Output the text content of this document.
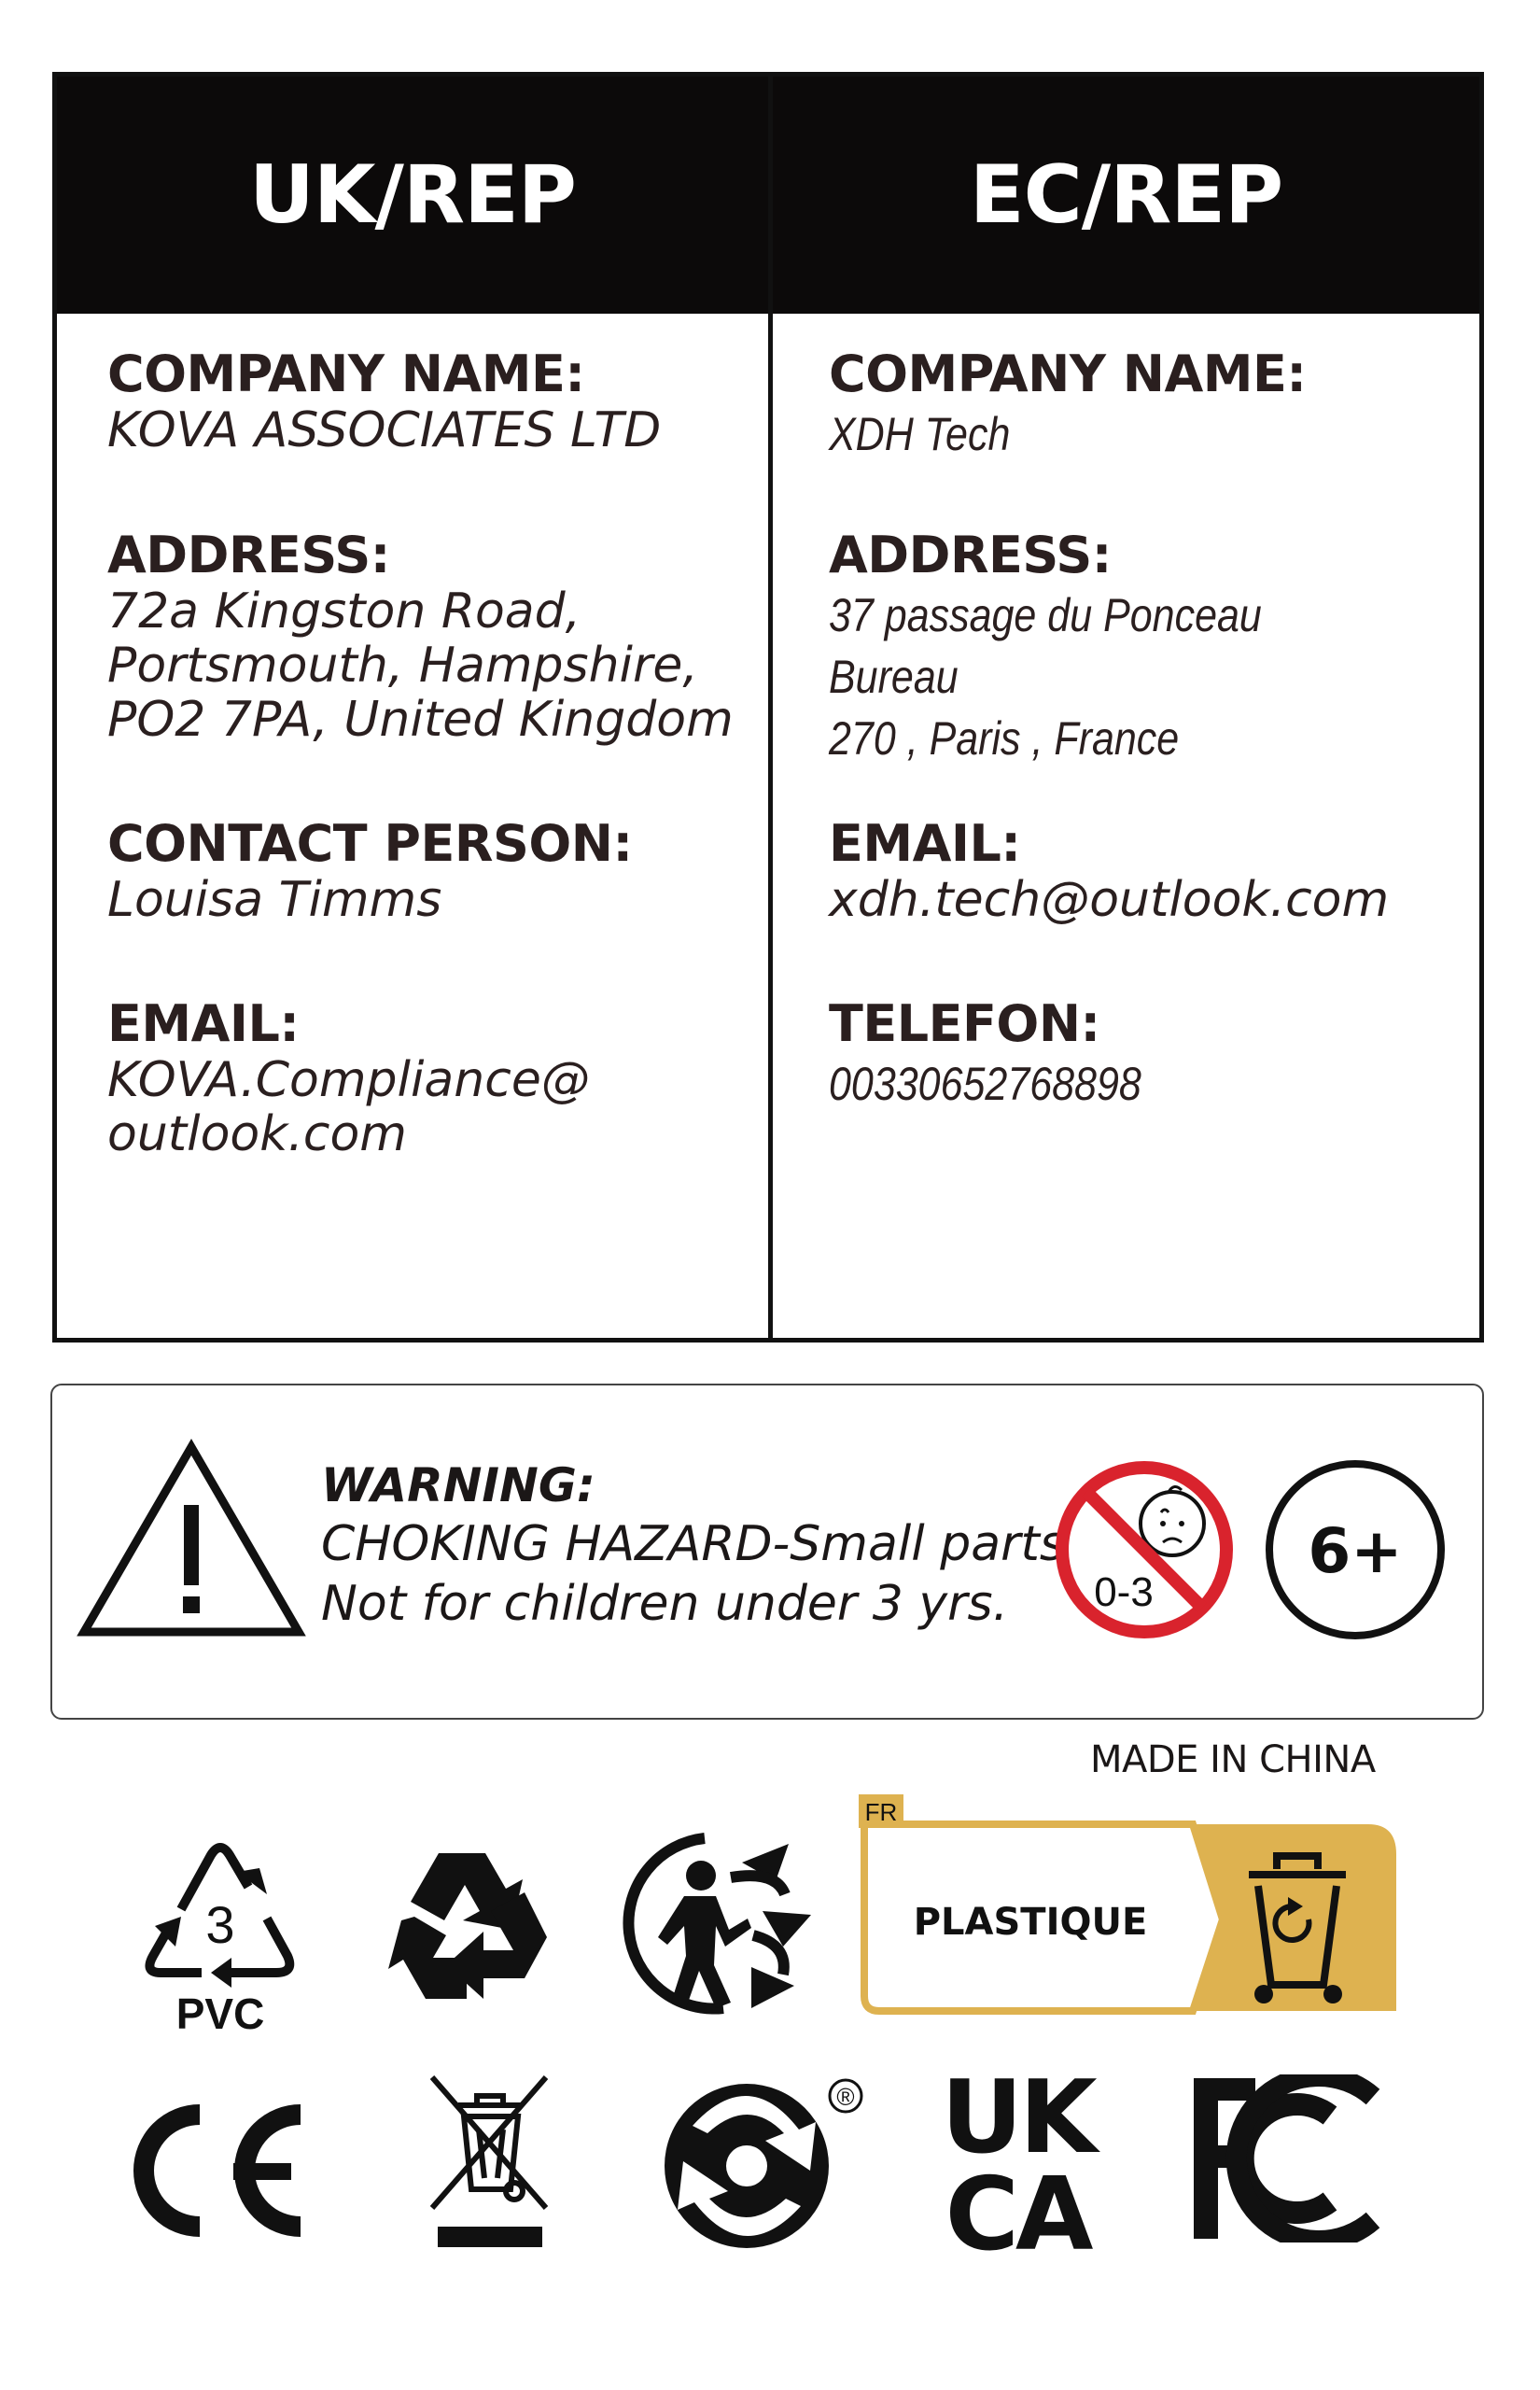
UK/REP
COMPANY NAME:
KOVA ASSOCIATES LTD
ADDRESS:
72a Kingston Road,
Portsmouth, Hampshire,
PO2 7PA, United Kingdom
CONTACT PERSON:
Louisa Timms
EMAIL:
KOVA.Compliance@
outlook.com
EC/REP
COMPANY NAME:
XDH Tech
ADDRESS:
37 passage du Ponceau Bureau
270 , Paris , France
EMAIL:
xdh.tech@outlook.com
TELEFON:
00330652768898
WARNING:
CHOKING HAZARD-Small parts
Not for children under 3 yrs.	0-3
6+
MADE IN CHINA
3
PVC
FR
PLASTIQUE
® UK
CA
